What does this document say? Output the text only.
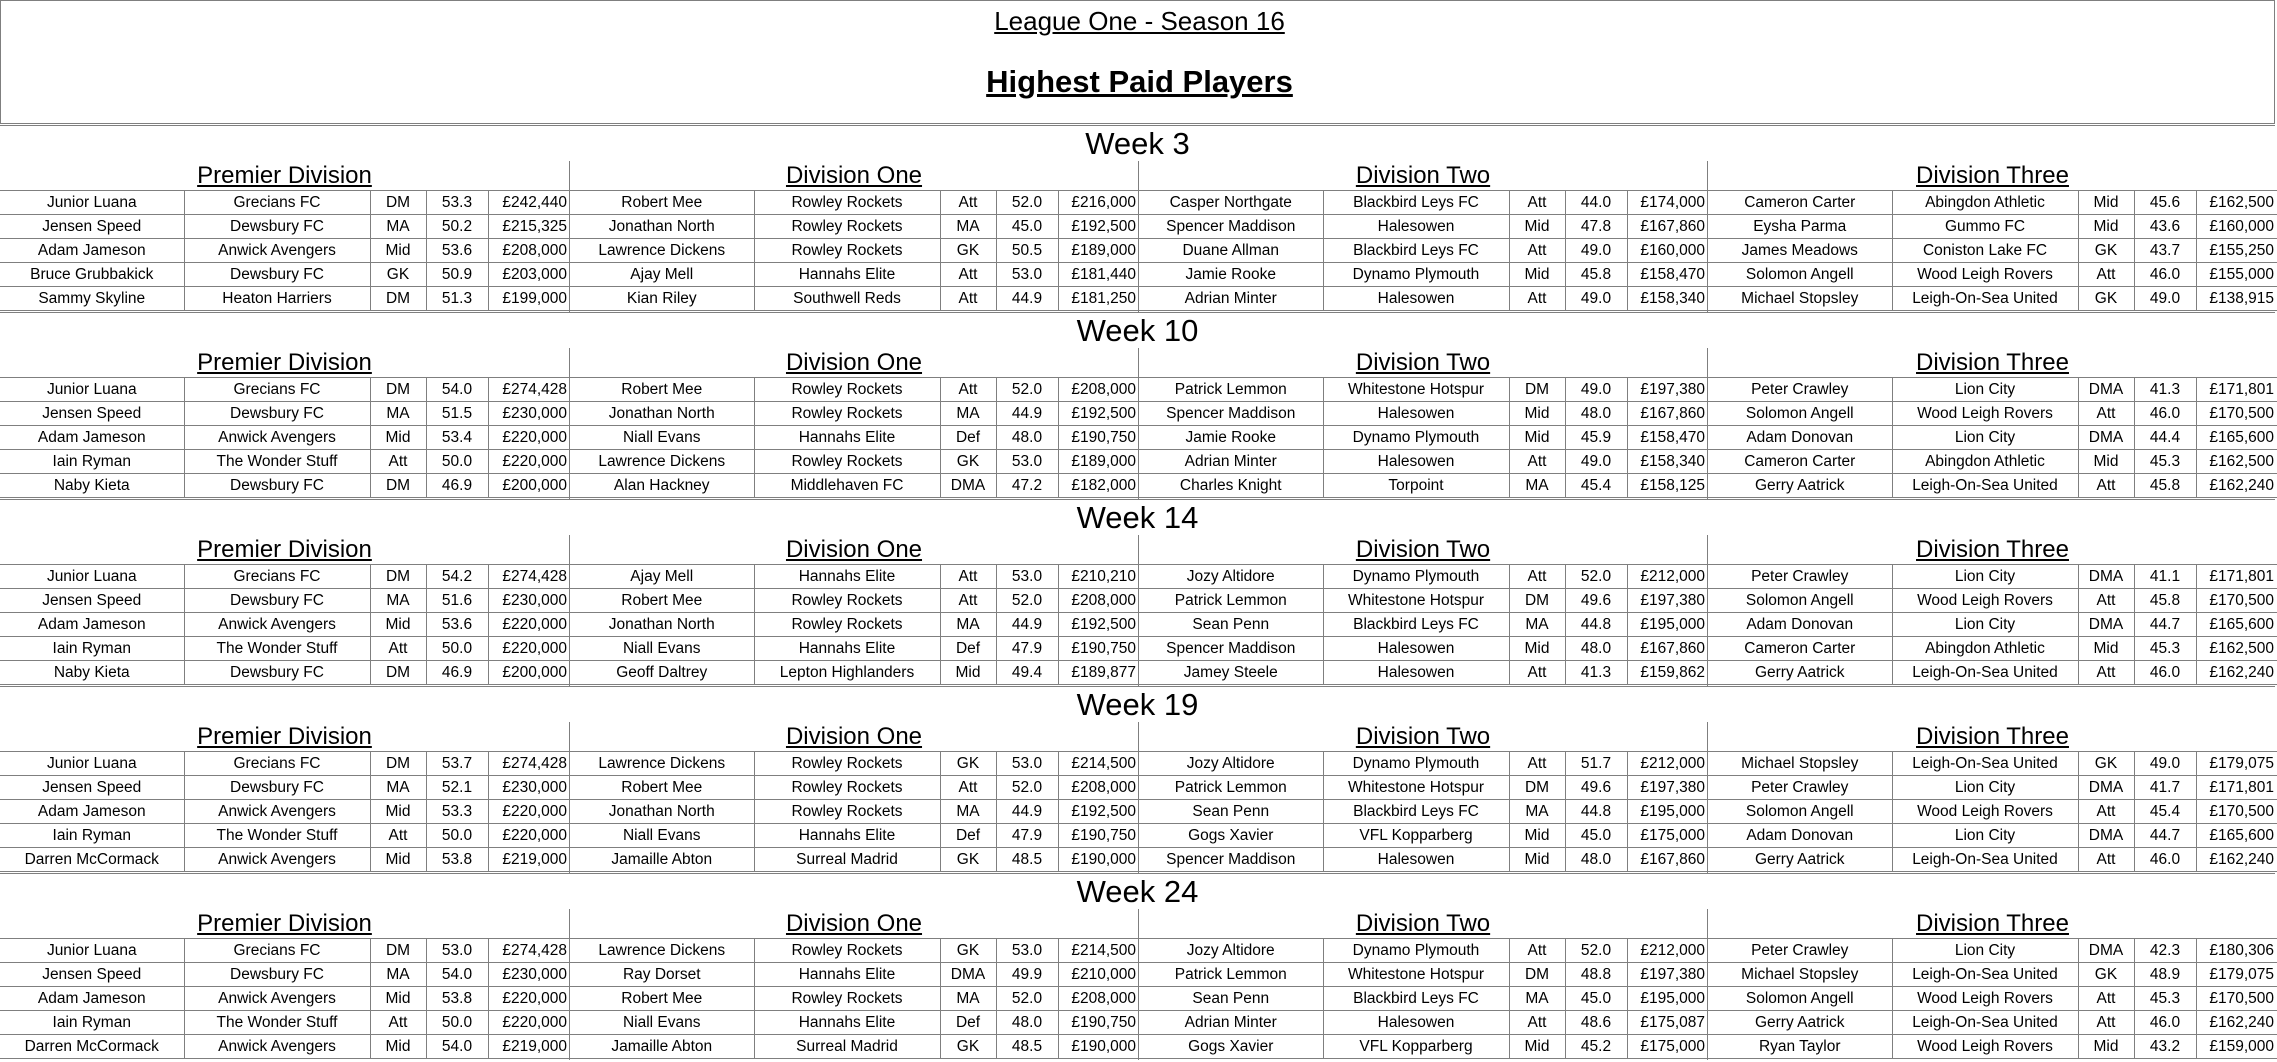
League One - Season 16
Highest Paid Players
Week 3
Premier Division
Junior Luana	Grecians FC	DM	53.3	£242,440
Jensen Speed	Dewsbury FC	MA	50.2	£215,325
Adam Jameson	Anwick Avengers	Mid	53.6	£208,000
Bruce Grubbakick	Dewsbury FC	GK	50.9	£203,000
Sammy Skyline	Heaton Harriers	DM	51.3	£199,000
Division One
Robert Mee	Rowley Rockets	Att	52.0	£216,000
Jonathan North	Rowley Rockets	MA	45.0	£192,500
Lawrence Dickens	Rowley Rockets	GK	50.5	£189,000
Ajay Mell	Hannahs Elite	Att	53.0	£181,440
Kian Riley	Southwell Reds	Att	44.9	£181,250
Division Two
Casper Northgate	Blackbird Leys FC	Att	44.0	£174,000
Spencer Maddison	Halesowen	Mid	47.8	£167,860
Duane Allman	Blackbird Leys FC	Att	49.0	£160,000
Jamie Rooke	Dynamo Plymouth	Mid	45.8	£158,470
Adrian Minter	Halesowen	Att	49.0	£158,340
Division Three
Cameron Carter	Abingdon Athletic	Mid	45.6	£162,500
Eysha Parma	Gummo FC	Mid	43.6	£160,000
James Meadows	Coniston Lake FC	GK	43.7	£155,250
Solomon Angell	Wood Leigh Rovers	Att	46.0	£155,000
Michael Stopsley	Leigh-On-Sea United	GK	49.0	£138,915
Week 10
Premier Division
Junior Luana	Grecians FC	DM	54.0	£274,428
Jensen Speed	Dewsbury FC	MA	51.5	£230,000
Adam Jameson	Anwick Avengers	Mid	53.4	£220,000
Iain Ryman	The Wonder Stuff	Att	50.0	£220,000
Naby Kieta	Dewsbury FC	DM	46.9	£200,000
Division One
Robert Mee	Rowley Rockets	Att	52.0	£208,000
Jonathan North	Rowley Rockets	MA	44.9	£192,500
Niall Evans	Hannahs Elite	Def	48.0	£190,750
Lawrence Dickens	Rowley Rockets	GK	53.0	£189,000
Alan Hackney	Middlehaven FC	DMA	47.2	£182,000
Division Two
Patrick Lemmon	Whitestone Hotspur	DM	49.0	£197,380
Spencer Maddison	Halesowen	Mid	48.0	£167,860
Jamie Rooke	Dynamo Plymouth	Mid	45.9	£158,470
Adrian Minter	Halesowen	Att	49.0	£158,340
Charles Knight	Torpoint	MA	45.4	£158,125
Division Three
Peter Crawley	Lion City	DMA	41.3	£171,801
Solomon Angell	Wood Leigh Rovers	Att	46.0	£170,500
Adam Donovan	Lion City	DMA	44.4	£165,600
Cameron Carter	Abingdon Athletic	Mid	45.3	£162,500
Gerry Aatrick	Leigh-On-Sea United	Att	45.8	£162,240
Week 14
Premier Division
Junior Luana	Grecians FC	DM	54.2	£274,428
Jensen Speed	Dewsbury FC	MA	51.6	£230,000
Adam Jameson	Anwick Avengers	Mid	53.6	£220,000
Iain Ryman	The Wonder Stuff	Att	50.0	£220,000
Naby Kieta	Dewsbury FC	DM	46.9	£200,000
Division One
Ajay Mell	Hannahs Elite	Att	53.0	£210,210
Robert Mee	Rowley Rockets	Att	52.0	£208,000
Jonathan North	Rowley Rockets	MA	44.9	£192,500
Niall Evans	Hannahs Elite	Def	47.9	£190,750
Geoff Daltrey	Lepton Highlanders	Mid	49.4	£189,877
Division Two
Jozy Altidore	Dynamo Plymouth	Att	52.0	£212,000
Patrick Lemmon	Whitestone Hotspur	DM	49.6	£197,380
Sean Penn	Blackbird Leys FC	MA	44.8	£195,000
Spencer Maddison	Halesowen	Mid	48.0	£167,860
Jamey Steele	Halesowen	Att	41.3	£159,862
Division Three
Peter Crawley	Lion City	DMA	41.1	£171,801
Solomon Angell	Wood Leigh Rovers	Att	45.8	£170,500
Adam Donovan	Lion City	DMA	44.7	£165,600
Cameron Carter	Abingdon Athletic	Mid	45.3	£162,500
Gerry Aatrick	Leigh-On-Sea United	Att	46.0	£162,240
Week 19
Premier Division
Junior Luana	Grecians FC	DM	53.7	£274,428
Jensen Speed	Dewsbury FC	MA	52.1	£230,000
Adam Jameson	Anwick Avengers	Mid	53.3	£220,000
Iain Ryman	The Wonder Stuff	Att	50.0	£220,000
Darren McCormack	Anwick Avengers	Mid	53.8	£219,000
Division One
Lawrence Dickens	Rowley Rockets	GK	53.0	£214,500
Robert Mee	Rowley Rockets	Att	52.0	£208,000
Jonathan North	Rowley Rockets	MA	44.9	£192,500
Niall Evans	Hannahs Elite	Def	47.9	£190,750
Jamaille Abton	Surreal Madrid	GK	48.5	£190,000
Division Two
Jozy Altidore	Dynamo Plymouth	Att	51.7	£212,000
Patrick Lemmon	Whitestone Hotspur	DM	49.6	£197,380
Sean Penn	Blackbird Leys FC	MA	44.8	£195,000
Gogs Xavier	VFL Kopparberg	Mid	45.0	£175,000
Spencer Maddison	Halesowen	Mid	48.0	£167,860
Division Three
Michael Stopsley	Leigh-On-Sea United	GK	49.0	£179,075
Peter Crawley	Lion City	DMA	41.7	£171,801
Solomon Angell	Wood Leigh Rovers	Att	45.4	£170,500
Adam Donovan	Lion City	DMA	44.7	£165,600
Gerry Aatrick	Leigh-On-Sea United	Att	46.0	£162,240
Week 24
Premier Division
Junior Luana	Grecians FC	DM	53.0	£274,428
Jensen Speed	Dewsbury FC	MA	54.0	£230,000
Adam Jameson	Anwick Avengers	Mid	53.8	£220,000
Iain Ryman	The Wonder Stuff	Att	50.0	£220,000
Darren McCormack	Anwick Avengers	Mid	54.0	£219,000
Division One
Lawrence Dickens	Rowley Rockets	GK	53.0	£214,500
Ray Dorset	Hannahs Elite	DMA	49.9	£210,000
Robert Mee	Rowley Rockets	MA	52.0	£208,000
Niall Evans	Hannahs Elite	Def	48.0	£190,750
Jamaille Abton	Surreal Madrid	GK	48.5	£190,000
Division Two
Jozy Altidore	Dynamo Plymouth	Att	52.0	£212,000
Patrick Lemmon	Whitestone Hotspur	DM	48.8	£197,380
Sean Penn	Blackbird Leys FC	MA	45.0	£195,000
Adrian Minter	Halesowen	Att	48.6	£175,087
Gogs Xavier	VFL Kopparberg	Mid	45.2	£175,000
Division Three
Peter Crawley	Lion City	DMA	42.3	£180,306
Michael Stopsley	Leigh-On-Sea United	GK	48.9	£179,075
Solomon Angell	Wood Leigh Rovers	Att	45.3	£170,500
Gerry Aatrick	Leigh-On-Sea United	Att	46.0	£162,240
Ryan Taylor	Wood Leigh Rovers	Mid	43.2	£159,000
